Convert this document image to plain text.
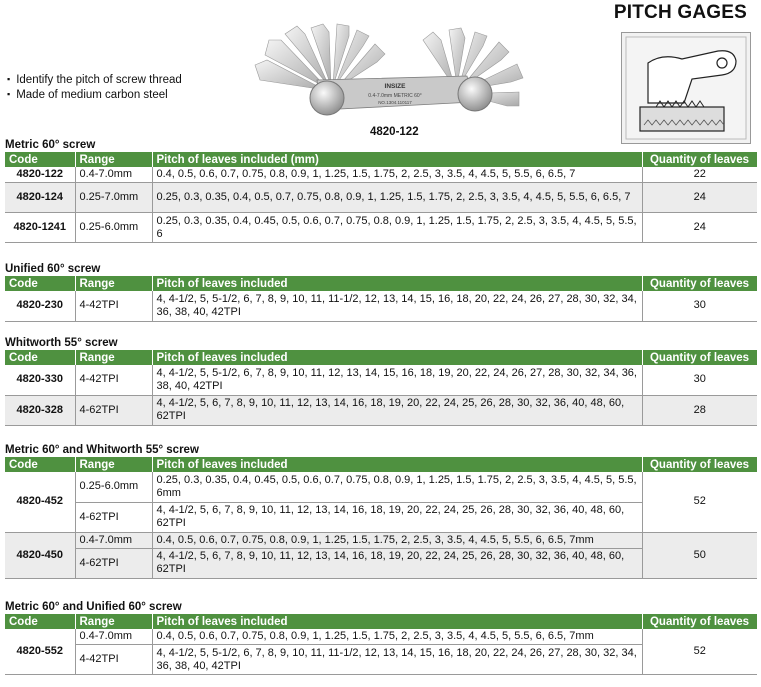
PITCH GAGES
▪ Identify the pitch of screw thread
▪ Made of medium carbon steel
INSIZE
0.4-7.0mm METRIC 60°
NO.1304.110117
4820-122
Metric 60° screw
Code	Range	Pitch of leaves included (mm)	Quantity of leaves
4820-122	0.4-7.0mm	0.4, 0.5, 0.6, 0.7, 0.75, 0.8, 0.9, 1, 1.25, 1.5, 1.75, 2, 2.5, 3, 3.5, 4, 4.5, 5, 5.5, 6, 6.5, 7	22
4820-124	0.25-7.0mm	0.25, 0.3, 0.35, 0.4, 0.5, 0.7, 0.75, 0.8, 0.9, 1, 1.25, 1.5, 1.75, 2, 2.5, 3, 3.5, 4, 4.5, 5, 5.5, 6, 6.5, 7	24
4820-1241	0.25-6.0mm	0.25, 0.3, 0.35, 0.4, 0.45, 0.5, 0.6, 0.7, 0.75, 0.8, 0.9, 1, 1.25, 1.5, 1.75, 2, 2.5, 3, 3.5, 4, 4.5, 5, 5.5, 6	24
Unified 60° screw
Code	Range	Pitch of leaves included	Quantity of leaves
4820-230	4-42TPI	4, 4-1/2, 5, 5-1/2, 6, 7, 8, 9, 10, 11, 11-1/2, 12, 13, 14, 15, 16, 18, 20, 22, 24, 26, 27, 28, 30, 32, 34, 36, 38, 40, 42TPI	30
Whitworth 55° screw
Code	Range	Pitch of leaves included	Quantity of leaves
4820-330	4-42TPI	4, 4-1/2, 5, 5-1/2, 6, 7, 8, 9, 10, 11, 12, 13, 14, 15, 16, 18, 19, 20, 22, 24, 26, 27, 28, 30, 32, 34, 36, 38, 40, 42TPI	30
4820-328	4-62TPI	4, 4-1/2, 5, 6, 7, 8, 9, 10, 11, 12, 13, 14, 16, 18, 19, 20, 22, 24, 25, 26, 28, 30, 32, 36, 40, 48, 60, 62TPI	28
Metric 60° and Whitworth 55° screw
Code	Range	Pitch of leaves included	Quantity of leaves
4820-452	0.25-6.0mm	0.25, 0.3, 0.35, 0.4, 0.45, 0.5, 0.6, 0.7, 0.75, 0.8, 0.9, 1, 1.25, 1.5, 1.75, 2, 2.5, 3, 3.5, 4, 4.5, 5, 5.5, 6mm	52
	4-62TPI	4, 4-1/2, 5, 6, 7, 8, 9, 10, 11, 12, 13, 14, 16, 18, 19, 20, 22, 24, 25, 26, 28, 30, 32, 36, 40, 48, 60, 62TPI	
4820-450	0.4-7.0mm	0.4, 0.5, 0.6, 0.7, 0.75, 0.8, 0.9, 1, 1.25, 1.5, 1.75, 2, 2.5, 3, 3.5, 4, 4.5, 5, 5.5, 6, 6.5, 7mm	50
	4-62TPI	4, 4-1/2, 5, 6, 7, 8, 9, 10, 11, 12, 13, 14, 16, 18, 19, 20, 22, 24, 25, 26, 28, 30, 32, 36, 40, 48, 60, 62TPI	
Metric 60° and Unified 60° screw
Code	Range	Pitch of leaves included	Quantity of leaves
4820-552	0.4-7.0mm	0.4, 0.5, 0.6, 0.7, 0.75, 0.8, 0.9, 1, 1.25, 1.5, 1.75, 2, 2.5, 3, 3.5, 4, 4.5, 5, 5.5, 6, 6.5, 7mm	52
	4-42TPI	4, 4-1/2, 5, 5-1/2, 6, 7, 8, 9, 10, 11, 11-1/2, 12, 13, 14, 15, 16, 18, 20, 22, 24, 26, 27, 28, 30, 32, 34, 36, 38, 40, 42TPI	
